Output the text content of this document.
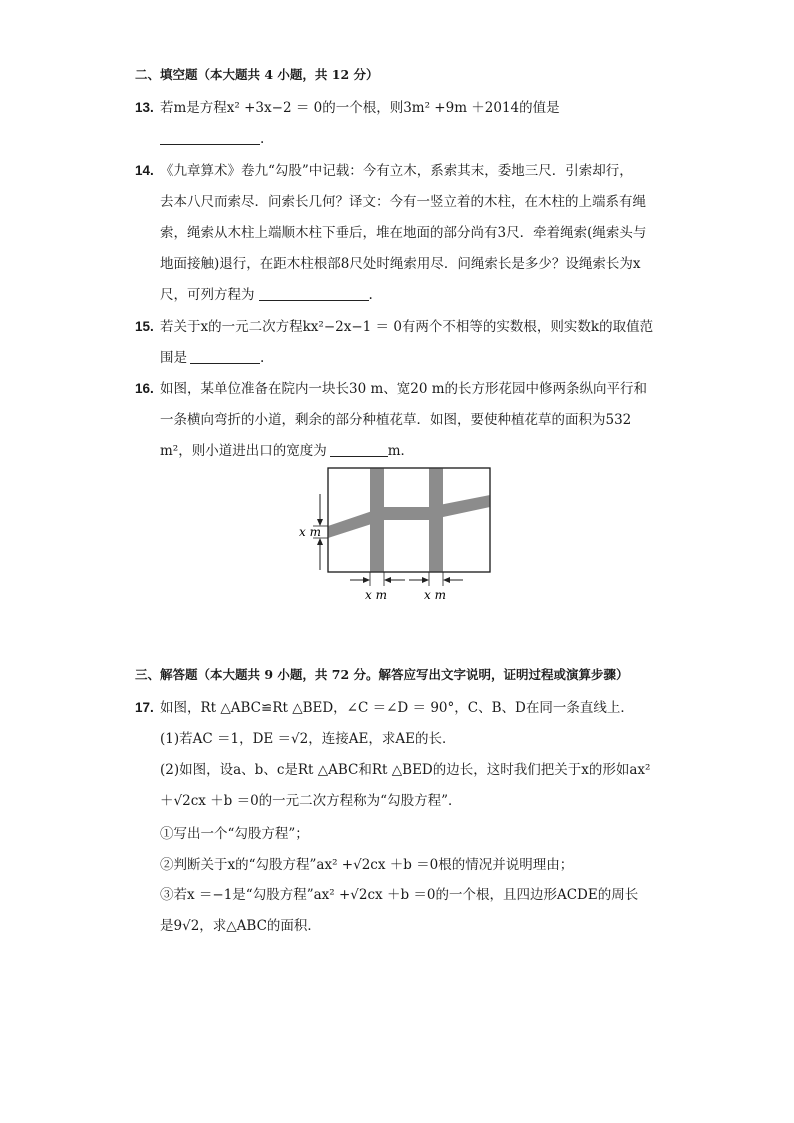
二、填空题（本大题共 4 小题，共 12 分）
13. 若m是方程x² +3x−2 ＝ 0的一个根，则3m² +9m ＋2014的值是
.
14. 《九章算术》卷九“勾股”中记载：今有立木，系索其末，委地三尺．引索却行，
去本八尺而索尽．问索长几何？译文：今有一竖立着的木柱，在木柱的上端系有绳
索，绳索从木柱上端顺木柱下垂后，堆在地面的部分尚有3尺．牵着绳索(绳索头与
地面接触)退行，在距木柱根部8尺处时绳索用尽．问绳索长是多少？设绳索长为x
尺，可列方程为	.
15. 若关于x的一元二次方程kx²−2x−1 ＝ 0有两个不相等的实数根，则实数k的取值范
围是	.
16. 如图，某单位准备在院内一块长30 m、宽20 m的长方形花园中修两条纵向平行和
一条横向弯折的小道，剩余的部分种植花草．如图，要使种植花草的面积为532
m²，则小道进出口的宽度为	m．
x m
x m	x m
三、解答题（本大题共 9 小题，共 72 分。解答应写出文字说明，证明过程或演算步骤）
17. 如图，Rt △ABC≌Rt △BED，∠C ＝∠D ＝ 90°，C、B、D在同一条直线上．
(1)若AC ＝1，DE ＝√2，连接AE，求AE的长．
(2)如图，设a、b、c是Rt △ABC和Rt △BED的边长，这时我们把关于x的形如ax²
＋√2cx ＋b ＝0的一元二次方程称为“勾股方程”．
①写出一个“勾股方程”；
②判断关于x的“勾股方程”ax² +√2cx ＋b ＝0根的情况并说明理由；
③若x ＝−1是“勾股方程”ax² +√2cx ＋b ＝0的一个根，且四边形ACDE的周长
是9√2，求△ABC的面积．
